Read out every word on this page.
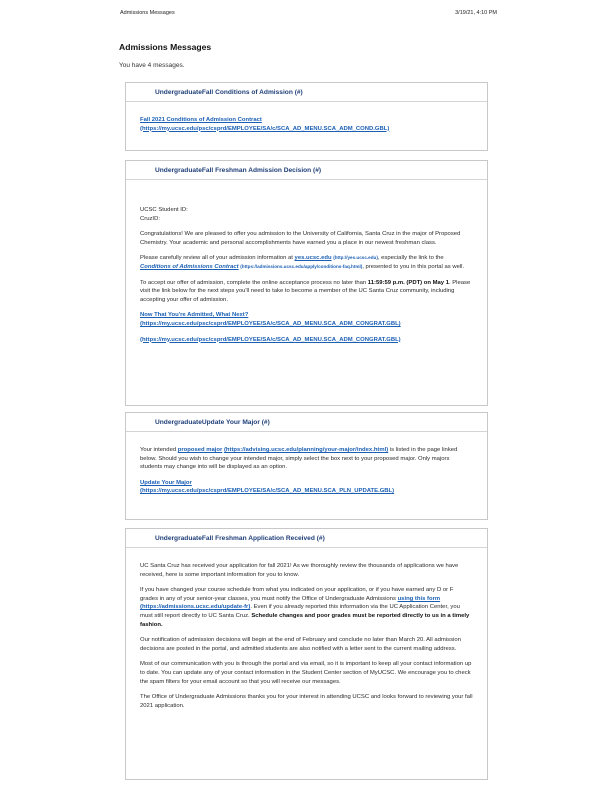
Admissions Messages	3/19/21, 4:10 PM
Admissions Messages
You have 4 messages.
UndergraduateFall Conditions of Admission (#)
Fall 2021 Conditions of Admission Contract
(https://my.ucsc.edu/psc/csprd/EMPLOYEE/SA/c/SCA_AD_MENU.SCA_ADM_COND.GBL)
UndergraduateFall Freshman Admission Decision (#)
UCSC Student ID:
CruzID:

Congratulations! We are pleased to offer you admission to the University of California, Santa Cruz in the major of Proposed Chemistry. Your academic and personal accomplishments have earned you a place in our newest freshman class.

Please carefully review all of your admission information at yes.ucsc.edu (http://yes.ucsc.edu), especially the link to the Conditions of Admissions Contract (https://admissions.ucsc.edu/apply/conditions-faq.html), presented to you in this portal as well.

To accept our offer of admission, complete the online acceptance process no later than 11:59:59 p.m. (PDT) on May 1. Please visit the link below for the next steps you'll need to take to become a member of the UC Santa Cruz community, including accepting your offer of admission.

Now That You're Admitted, What Next?
(https://my.ucsc.edu/psc/csprd/EMPLOYEE/SA/c/SCA_AD_MENU.SCA_ADM_CONGRAT.GBL)
(https://my.ucsc.edu/psc/csprd/EMPLOYEE/SA/c/SCA_AD_MENU.SCA_ADM_CONGRAT.GBL)
UndergraduateUpdate Your Major (#)

Your intended proposed major (https://advising.ucsc.edu/planning/your-major/index.html) is listed in the page linked below. Should you wish to change your intended major, simply select the box next to your proposed major. Only majors students may change into will be displayed as an option.

Update Your Major
(https://my.ucsc.edu/psc/csprd/EMPLOYEE/SA/c/SCA_AD_MENU.SCA_PLN_UPDATE.GBL)
UndergraduateFall Freshman Application Received (#)

UC Santa Cruz has received your application for fall 2021! As we thoroughly review the thousands of applications we have received, here is some important information for you to know.

If you have changed your course schedule from what you indicated on your application, or if you have earned any D or F grades in any of your senior-year classes, you must notify the Office of Undergraduate Admissions using this form (https://admissions.ucsc.edu/update-fr). Even if you already reported this information via the UC Application Center, you must still report directly to UC Santa Cruz. Schedule changes and poor grades must be reported directly to us in a timely fashion.

Our notification of admission decisions will begin at the end of February and conclude no later than March 20. All admission decisions are posted in the portal, and admitted students are also notified with a letter sent to the current mailing address.

Most of our communication with you is through the portal and via email, so it is important to keep all your contact information up to date. You can update any of your contact information in the Student Center section of MyUCSC. We encourage you to check the spam filters for your email account so that you will receive our messages.

The Office of Undergraduate Admissions thanks you for your interest in attending UCSC and looks forward to reviewing your fall 2021 application.
